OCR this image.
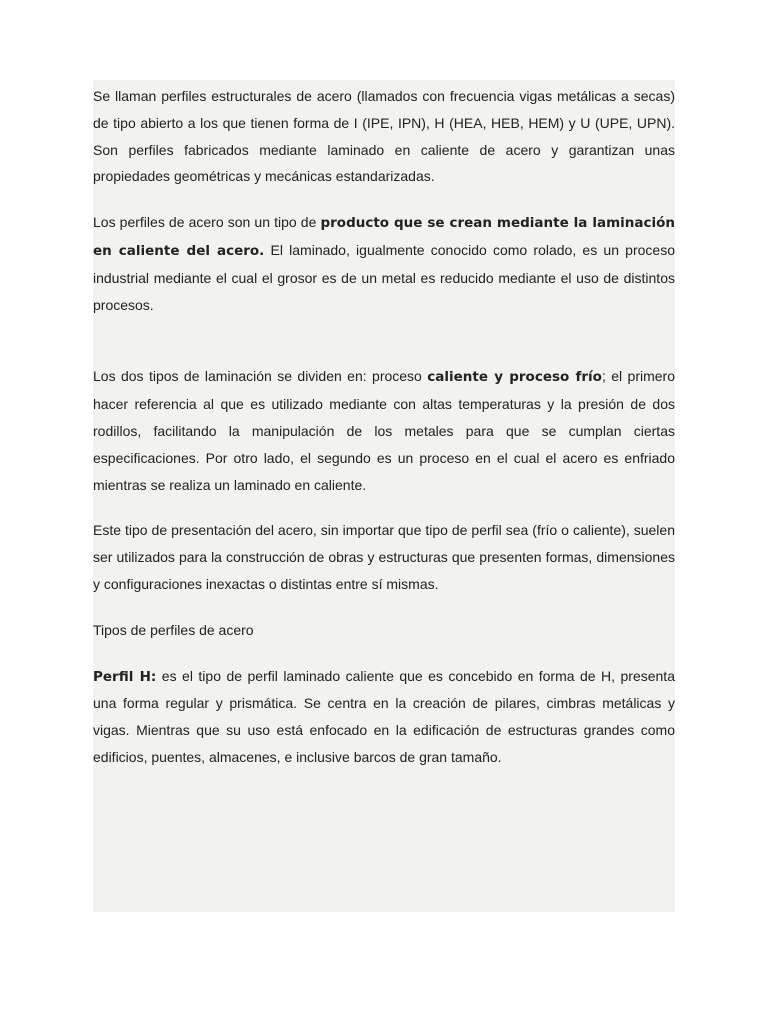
Se llaman perfiles estructurales de acero (llamados con frecuencia vigas metálicas a secas) de tipo abierto a los que tienen forma de I (IPE, IPN), H (HEA, HEB, HEM) y U (UPE, UPN). Son perfiles fabricados mediante laminado en caliente de acero y garantizan unas propiedades geométricas y mecánicas estandarizadas.

Los perfiles de acero son un tipo de producto que se crean mediante la laminación en caliente del acero. El laminado, igualmente conocido como rolado, es un proceso industrial mediante el cual el grosor es de un metal es reducido mediante el uso de distintos procesos.

Los dos tipos de laminación se dividen en: proceso caliente y proceso frío; el primero hacer referencia al que es utilizado mediante con altas temperaturas y la presión de dos rodillos, facilitando la manipulación de los metales para que se cumplan ciertas especificaciones. Por otro lado, el segundo es un proceso en el cual el acero es enfriado mientras se realiza un laminado en caliente.

Este tipo de presentación del acero, sin importar que tipo de perfil sea (frío o caliente), suelen ser utilizados para la construcción de obras y estructuras que presenten formas, dimensiones y configuraciones inexactas o distintas entre sí mismas.

Tipos de perfiles de acero

Perfil H: es el tipo de perfil laminado caliente que es concebido en forma de H, presenta una forma regular y prismática. Se centra en la creación de pilares, cimbras metálicas y vigas. Mientras que su uso está enfocado en la edificación de estructuras grandes como edificios, puentes, almacenes, e inclusive barcos de gran tamaño.
